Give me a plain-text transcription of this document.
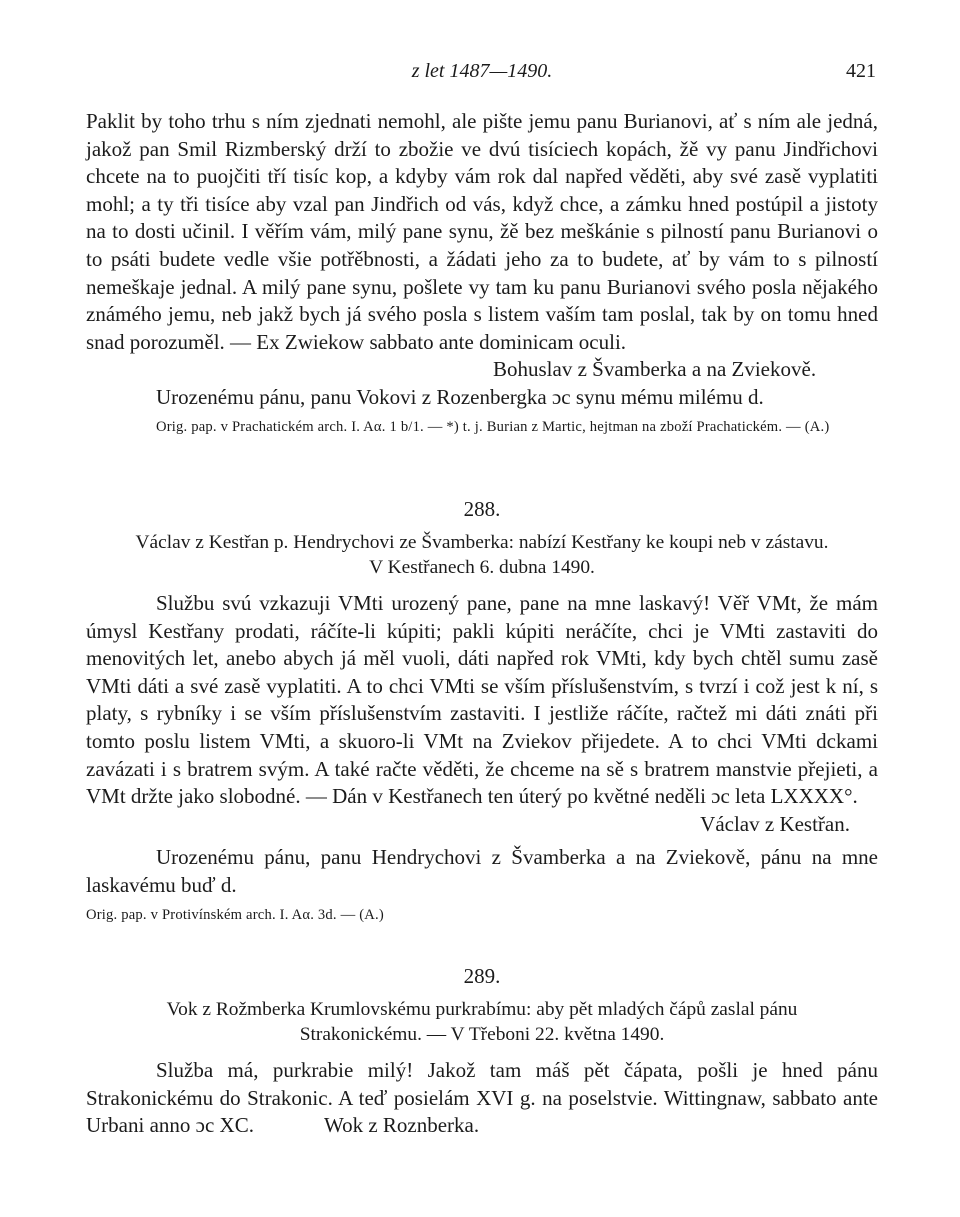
z let 1487—1490.	421

Paklit by toho trhu s ním zjednati nemohl, ale pište jemu panu Burianovi, ať s ním ale jedná, jakož pan Smil Rizmberský drží to zbožie ve dvú tisíciech kopách, žě vy panu Jindřichovi chcete na to puojčiti tří tisíc kop, a kdyby vám rok dal napřed věděti, aby své zasě vyplatiti mohl; a ty tři tisíce aby vzal pan Jindřich od vás, když chce, a zámku hned postúpil a jistoty na to dosti učinil. I věřím vám, milý pane synu, žě bez meškánie s pilností panu Burianovi o to psáti budete vedle všie potřěbnosti, a žádati jeho za to budete, ať by vám to s pilností nemeškaje jednal. A milý pane synu, pošlete vy tam ku panu Burianovi svého posla nějakého známého jemu, neb jakž bych já svého posla s listem vaším tam poslal, tak by on tomu hned snad porozuměl. — Ex Zwiekow sabbato ante dominicam oculi.

Bohuslav z Švamberka a na Zviekově.

Urozenému pánu, panu Vokovi z Rozenbergka ɔc synu mému milému d.

Orig. pap. v Prachatickém arch. I. Aα. 1 b/1. — *) t. j. Burian z Martic, hejtman na zboží Prachatickém. — (A.)

288.

Václav z Kestřan p. Hendrychovi ze Švamberka: nabízí Kestřany ke koupi neb v zástavu.

V Kestřanech 6. dubna 1490.

Službu svú vzkazuji VMti urozený pane, pane na mne laskavý! Věř VMt, že mám úmysl Kestřany prodati, ráčíte-li kúpiti; pakli kúpiti neráčíte, chci je VMti zastaviti do menovitých let, anebo abych já měl vuoli, dáti napřed rok VMti, kdy bych chtěl sumu zasě VMti dáti a své zasě vyplatiti. A to chci VMti se vším příslušenstvím, s tvrzí i což jest k ní, s platy, s rybníky i se vším příslušenstvím zastaviti. I jestliže ráčíte, račtež mi dáti znáti při tomto poslu listem VMti, a skuoro-li VMt na Zviekov přijedete. A to chci VMti dckami zavázati i s bratrem svým. A také račte věděti, že chceme na sě s bratrem manstvie přejieti, a VMt držte jako slobodné. — Dán v Kestřanech ten úterý po květné neděli ɔc leta LXXXX°.

Václav z Kestřan.

Urozenému pánu, panu Hendrychovi z Švamberka a na Zviekově, pánu na mne laskavému buď d.

Orig. pap. v Protivínském arch. I. Aα. 3d. — (A.)

289.

Vok z Rožmberka Krumlovskému purkrabímu: aby pět mladých čápů zaslal pánu Strakonickému. — V Třeboni 22. května 1490.

Služba má, purkrabie milý! Jakož tam máš pět čápata, pošli je hned pánu Strakonickému do Strakonic. A teď posielám XVI g. na poselstvie. Wittingnaw, sabbato ante Urbani anno ɔc XC.	Wok z Roznberka.
